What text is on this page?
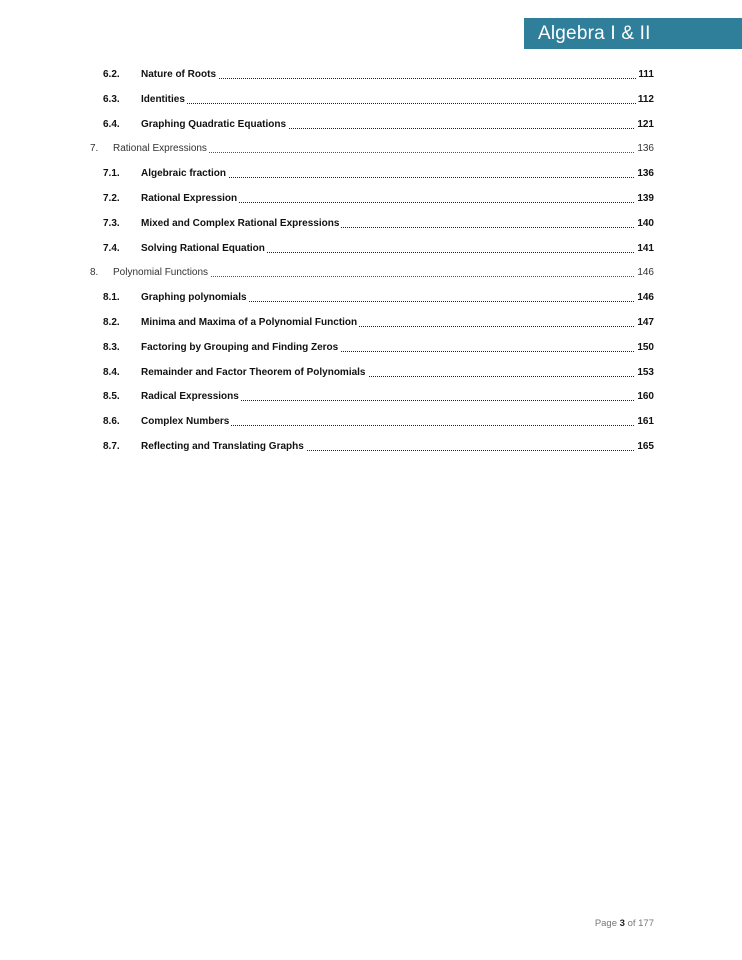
Algebra I & II
6.2. Nature of Roots	111
6.3. Identities	112
6.4. Graphing Quadratic Equations	121
7. Rational Expressions	136
7.1. Algebraic fraction	136
7.2. Rational Expression	139
7.3. Mixed and Complex Rational Expressions	140
7.4. Solving Rational Equation	141
8. Polynomial Functions	146
8.1. Graphing polynomials	146
8.2. Minima and Maxima of a Polynomial Function	147
8.3. Factoring by Grouping and Finding Zeros	150
8.4. Remainder and Factor Theorem of Polynomials	153
8.5. Radical Expressions	160
8.6. Complex Numbers	161
8.7. Reflecting and Translating Graphs	165
Page 3 of 177
